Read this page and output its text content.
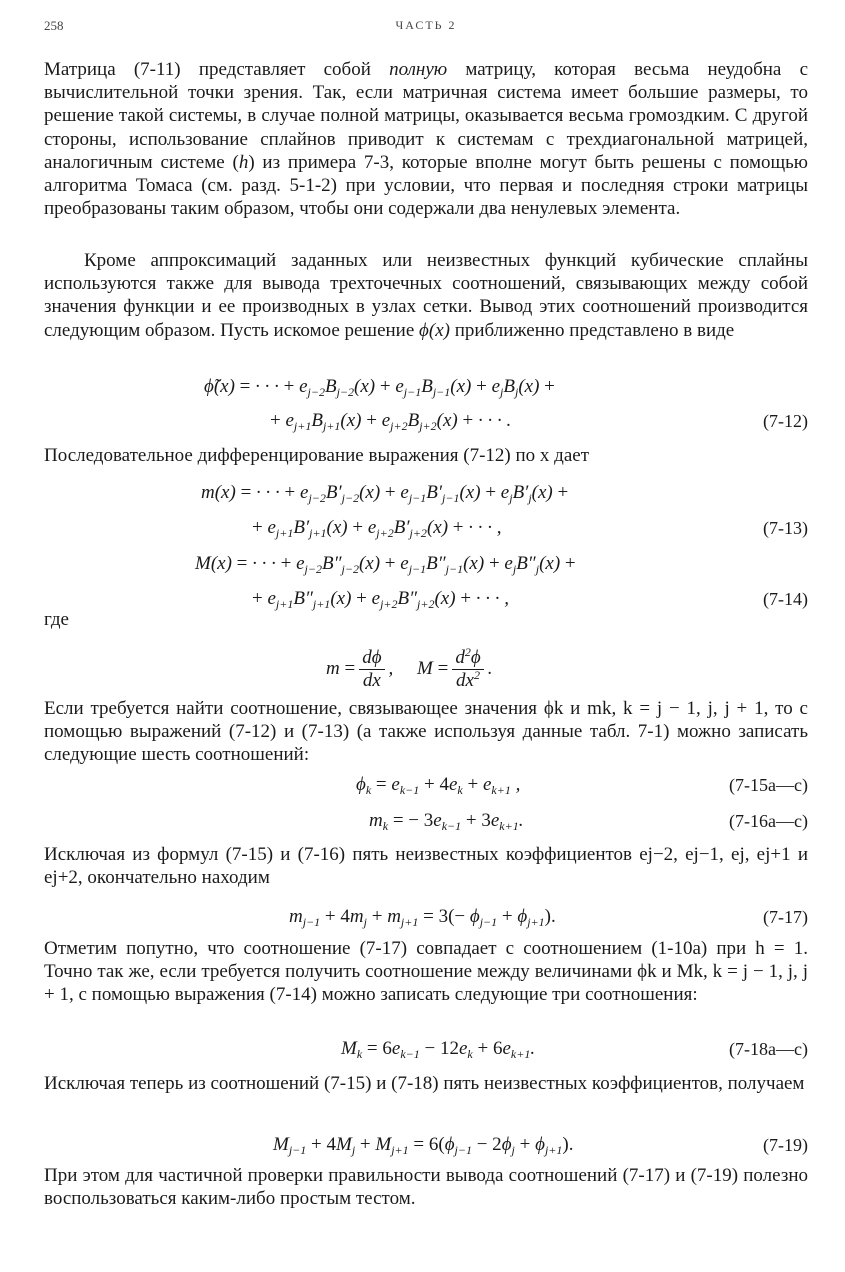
258	ЧАСТЬ 2

Матрица (7-11) представляет собой полную матрицу, которая весьма неудобна с вычислительной точки зрения. Так, если матричная система имеет большие размеры, то решение такой системы, в случае полной матрицы, оказывается весьма громоздким. С другой стороны, использование сплайнов приводит к системам с трехдиагональной матрицей, аналогичным системе (h) из примера 7-3, которые вполне могут быть решены с помощью алгоритма Томаса (см. разд. 5-1-2) при условии, что первая и последняя строки матрицы преобразованы таким образом, чтобы они содержали два ненулевых элемента.

Кроме аппроксимаций заданных или неизвестных функций кубические сплайны используются также для вывода трехточечных соотношений, связывающих между собой значения функции и ее производных в узлах сетки. Вывод этих соотношений производится следующим образом. Пусть искомое решение ϕ(x) приближенно представлено в виде

ϕ̃(x) = · · · + $e_{j-2}B_{j-2}(x) + e_{j-1}B_{j-1}(x) + e_jB_j(x)$ +
+ $e_{j+1}B_{j+1}(x) + e_{j+2}B_{j+2}(x)$ + · · · .	(7-12)

Последовательное дифференцирование выражения (7-12) по x дает

m(x) = · · · + $e_{j-2}B'_{j-2}(x) + e_{j-1}B'_{j-1}(x) + e_jB'_j(x)$ +
+ $e_{j+1}B'_{j+1}(x) + e_{j+2}B'_{j+2}(x)$ + · · · ,	(7-13)
M(x) = · · · + $e_{j-2}B''_{j-2}(x) + e_{j-1}B''_{j-1}(x) + e_jB''_j(x)$ +
+ $e_{j+1}B''_{j+1}(x) + e_{j+2}B''_{j+2}(x)$ + · · · ,	(7-14)
где
$m = \frac{d\phi}{dx}$ ,     $M = \frac{d^2\phi}{dx^2}$ .

Если требуется найти соотношение, связывающее значения ϕk и mk, k = j − 1, j, j + 1, то с помощью выражений (7-12) и (7-13) (а также используя данные табл. 7-1) можно записать следующие шесть соотношений:

$\phi_k = e_{k-1} + 4e_k + e_{k+1}$ ,	(7-15a—c)
$m_k$ = − $3e_{k-1} + 3e_{k+1}$.	(7-16a—c)

Исключая из формул (7-15) и (7-16) пять неизвестных коэффициентов ej−2, ej−1, ej, ej+1 и ej+2, окончательно находим

$m_{j-1} + 4m_j + m_{j+1} = 3(- \phi_{j-1} + \phi_{j+1})$.	(7-17)

Отметим попутно, что соотношение (7-17) совпадает с соотношением (1-10a) при h = 1. Точно так же, если требуется получить соотношение между величинами ϕk и Mk, k = j − 1, j, j + 1, с помощью выражения (7-14) можно записать следующие три соотношения:

$M_k = 6e_{k-1} - 12e_k + 6e_{k+1}$.	(7-18a—c)

Исключая теперь из соотношений (7-15) и (7-18) пять неизвестных коэффициентов, получаем

$M_{j-1} + 4M_j + M_{j+1} = 6(\phi_{j-1} - 2\phi_j + \phi_{j+1})$.	(7-19)

При этом для частичной проверки правильности вывода соотношений (7-17) и (7-19) полезно воспользоваться каким-либо простым тестом.
